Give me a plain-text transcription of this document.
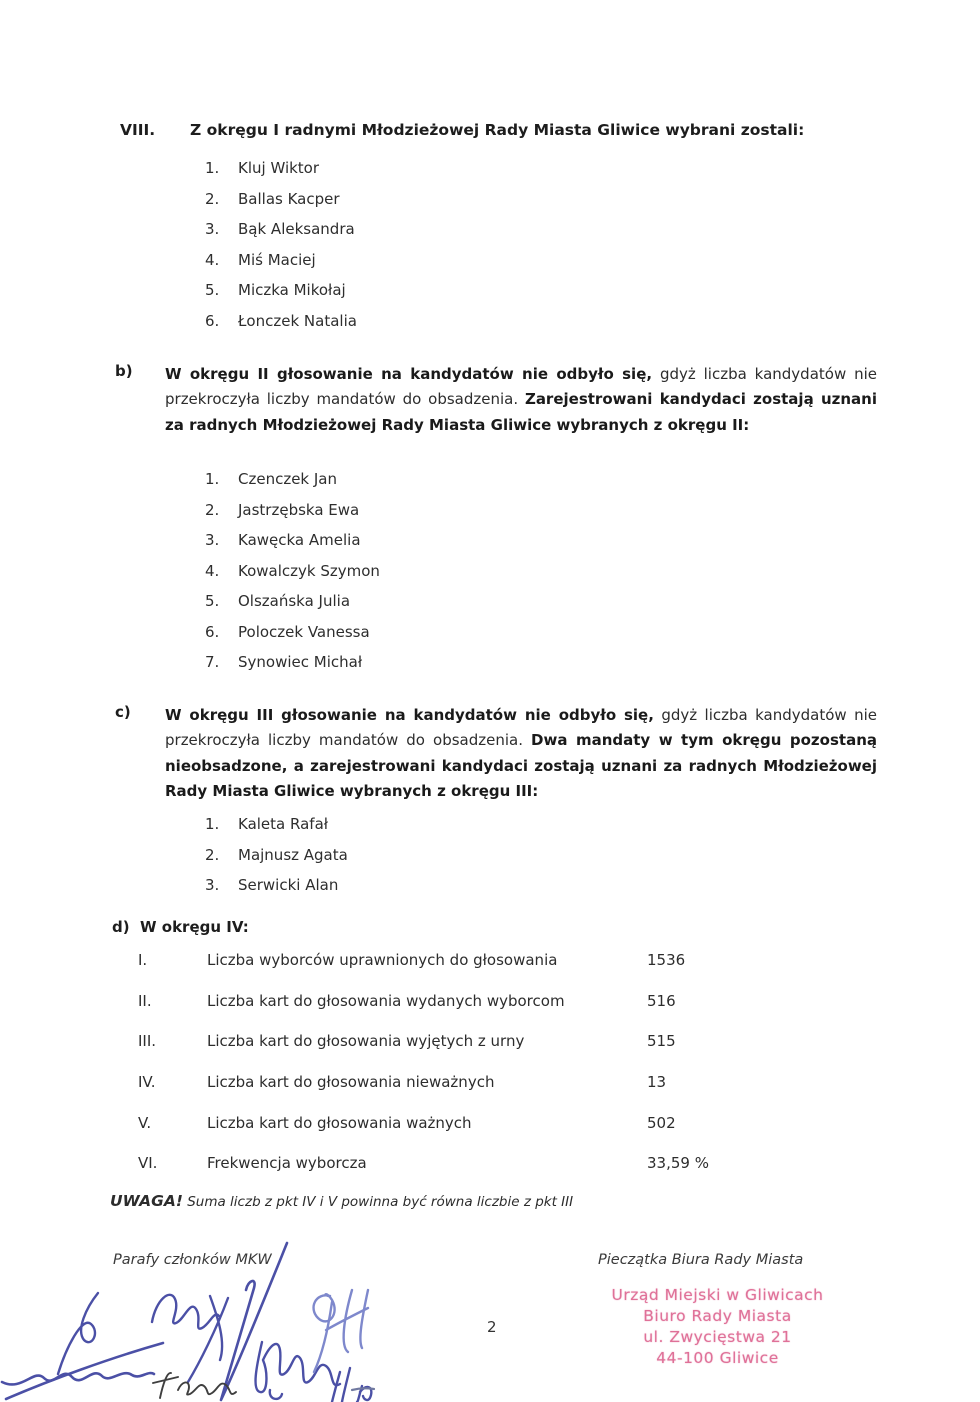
VIII. Z okręgu I radnymi Młodzieżowej Rady Miasta Gliwice wybrani zostali:
1. Kluj Wiktor
2. Ballas Kacper
3. Bąk Aleksandra
4. Miś Maciej
5. Miczka Mikołaj
6. Łonczek Natalia
b) W okręgu II głosowanie na kandydatów nie odbyło się, gdyż liczba kandydatów nie przekroczyła liczby mandatów do obsadzenia. Zarejestrowani kandydaci zostają uznani za radnych Młodzieżowej Rady Miasta Gliwice wybranych z okręgu II:
1. Czenczek Jan
2. Jastrzębska Ewa
3. Kawęcka Amelia
4. Kowalczyk Szymon
5. Olszańska Julia
6. Poloczek Vanessa
7. Synowiec Michał
c) W okręgu III głosowanie na kandydatów nie odbyło się, gdyż liczba kandydatów nie przekroczyła liczby mandatów do obsadzenia. Dwa mandaty w tym okręgu pozostaną nieobsadzone, a zarejestrowani kandydaci zostają uznani za radnych Młodzieżowej Rady Miasta Gliwice wybranych z okręgu III:
1. Kaleta Rafał
2. Majnusz Agata
3. Serwicki Alan
d) W okręgu IV:
I.	Liczba wyborców uprawnionych do głosowania	1536
II.	Liczba kart do głosowania wydanych wyborcom	516
III.	Liczba kart do głosowania wyjętych z urny	515
IV.	Liczba kart do głosowania nieważnych	13
V.	Liczba kart do głosowania ważnych	502
VI.	Frekwencja wyborcza	33,59 %
UWAGA! Suma liczb z pkt IV i V powinna być równa liczbie z pkt III
Parafy członków MKW	Pieczątka Biura Rady Miasta
Urząd Miejski w Gliwicach
Biuro Rady Miasta
ul. Zwycięstwa 21
44-100 Gliwice
2
